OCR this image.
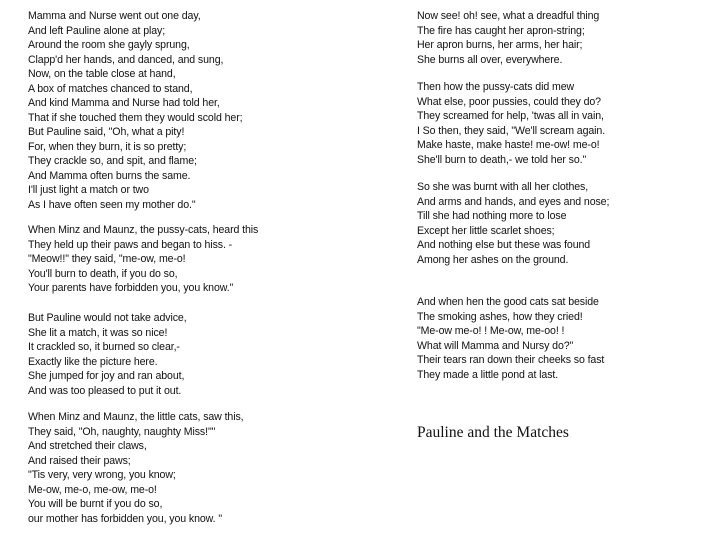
Mamma and Nurse went out one day,
And left Pauline alone at play;
Around the room she gayly sprung,
Clapp'd her hands, and danced, and sung,
Now, on the table close at hand,
A box of matches chanced to stand,
And kind Mamma and Nurse had told her,
That if she touched them they would scold her;
But Pauline said, "Oh, what a pity!
For, when they burn, it is so pretty;
They crackle so, and spit, and flame;
And Mamma often burns the same.
I'll just light a match or two
As I have often seen my mother do."
When Minz and Maunz, the pussy-cats, heard this
They held up their paws and began to hiss. -
"Meow!!" they said, "me-ow, me-o!
You'll burn to death, if you do so,
Your parents have forbidden you, you know."
But Pauline would not take advice,
She lit a match, it was so nice!
It crackled so, it burned so clear,-
Exactly like the picture here.
She jumped for joy and ran about,
And was too pleased to put it out.
When Minz and Maunz, the little cats, saw this,
They said, "Oh, naughty, naughty Miss!""
And stretched their claws,
And raised their paws;
"Tis very, very wrong, you know;
Me-ow, me-o, me-ow, me-o!
You will be burnt if you do so,
our mother has forbidden you, you know. "
Now see! oh! see, what a dreadful thing
The fire has caught her apron-string;
Her apron burns, her arms, her hair;
She burns all over, everywhere.
Then how the pussy-cats did mew
What else, poor pussies, could they do?
They screamed for help, 'twas all in vain,
I So then, they said, "We'll scream again.
Make haste, make haste! me-ow! me-o!
She'll burn to death,- we told her so."
So she was burnt with all her clothes,
And arms and hands, and eyes and nose;
Till she had nothing more to lose
Except her little scarlet shoes;
And nothing else but these was found
Among her ashes on the ground.
And when hen the good cats sat beside
The smoking ashes, how they cried!
"Me-ow me-o! ! Me-ow, me-oo! !
What will Mamma and Nursy do?"
Their tears ran down their cheeks so fast
They made a little pond at last.
Pauline and the Matches
